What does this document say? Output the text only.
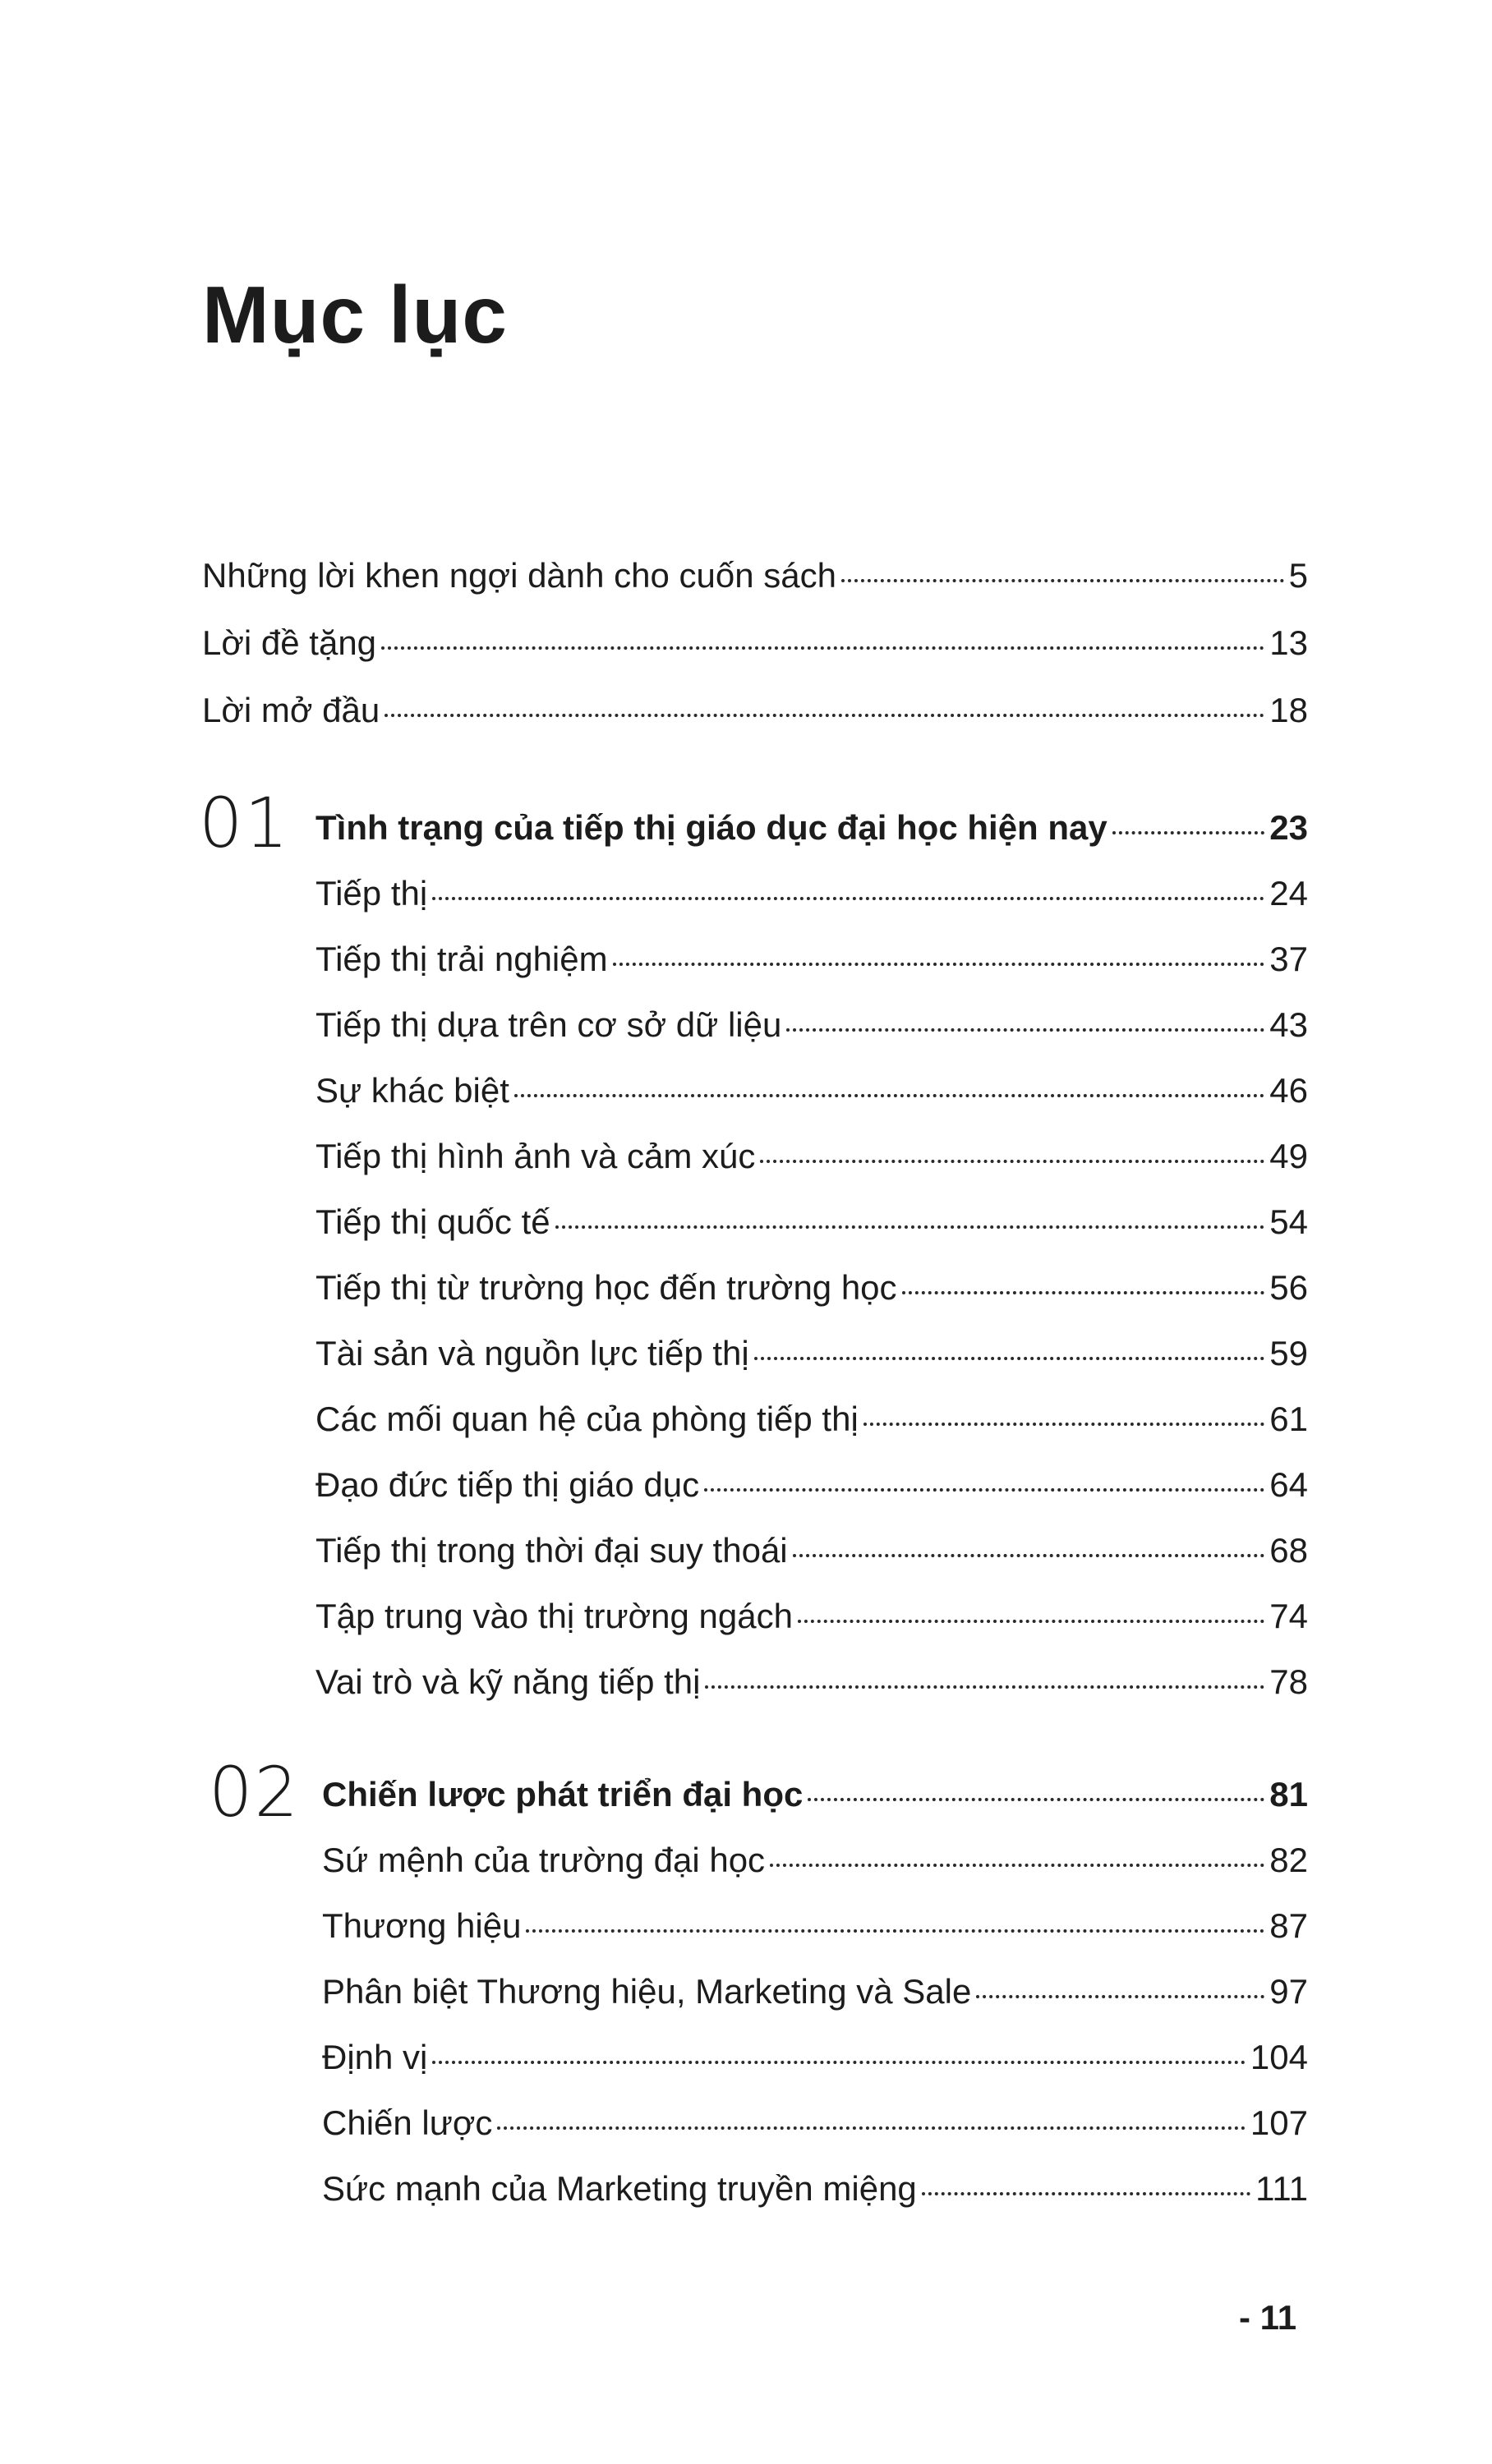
Mục lục
Những lời khen ngợi dành cho cuốn sách	5
Lời đề tặng	13
Lời mở đầu	18
01 Tình trạng của tiếp thị giáo dục đại học hiện nay	23
Tiếp thị	24
Tiếp thị trải nghiệm	37
Tiếp thị dựa trên cơ sở dữ liệu	43
Sự khác biệt	46
Tiếp thị hình ảnh và cảm xúc	49
Tiếp thị quốc tế	54
Tiếp thị từ trường học đến trường học	56
Tài sản và nguồn lực tiếp thị	59
Các mối quan hệ của phòng tiếp thị	61
Đạo đức tiếp thị giáo dục	64
Tiếp thị trong thời đại suy thoái	68
Tập trung vào thị trường ngách	74
Vai trò và kỹ năng tiếp thị	78
02 Chiến lược phát triển đại học	81
Sứ mệnh của trường đại học	82
Thương hiệu	87
Phân biệt Thương hiệu, Marketing và Sale	97
Định vị	104
Chiến lược	107
Sức mạnh của Marketing truyền miệng	111
- 11
